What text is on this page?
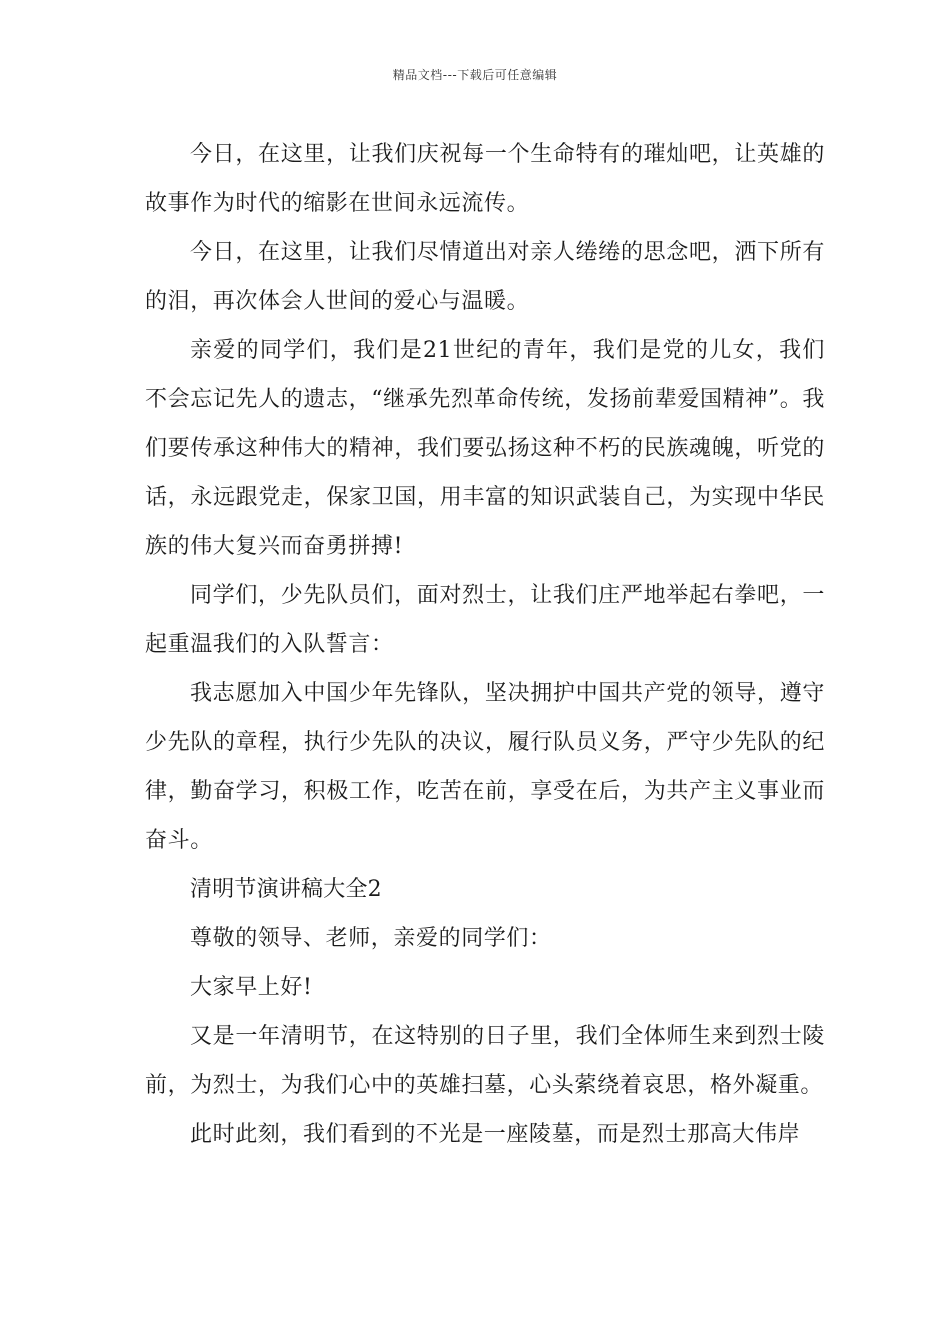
精品文档---下载后可任意编辑

今日，在这里，让我们庆祝每一个生命特有的璀灿吧，让英雄的故事作为时代的缩影在世间永远流传。

今日，在这里，让我们尽情道出对亲人绻绻的思念吧，洒下所有的泪，再次体会人世间的爱心与温暖。

亲爱的同学们，我们是21世纪的青年，我们是党的儿女，我们不会忘记先人的遗志，“继承先烈革命传统，发扬前辈爱国精神”。我们要传承这种伟大的精神，我们要弘扬这种不朽的民族魂魄，听党的话，永远跟党走，保家卫国，用丰富的知识武装自己，为实现中华民族的伟大复兴而奋勇拼搏!

同学们，少先队员们，面对烈士，让我们庄严地举起右拳吧，一起重温我们的入队誓言：

我志愿加入中国少年先锋队，坚决拥护中国共产党的领导，遵守少先队的章程，执行少先队的决议，履行队员义务，严守少先队的纪律，勤奋学习，积极工作，吃苦在前，享受在后，为共产主义事业而奋斗。

清明节演讲稿大全2

尊敬的领导、老师，亲爱的同学们：

大家早上好!

又是一年清明节，在这特别的日子里，我们全体师生来到烈士陵前，为烈士，为我们心中的英雄扫墓，心头萦绕着哀思，格外凝重。

此时此刻，我们看到的不光是一座陵墓，而是烈士那高大伟岸
